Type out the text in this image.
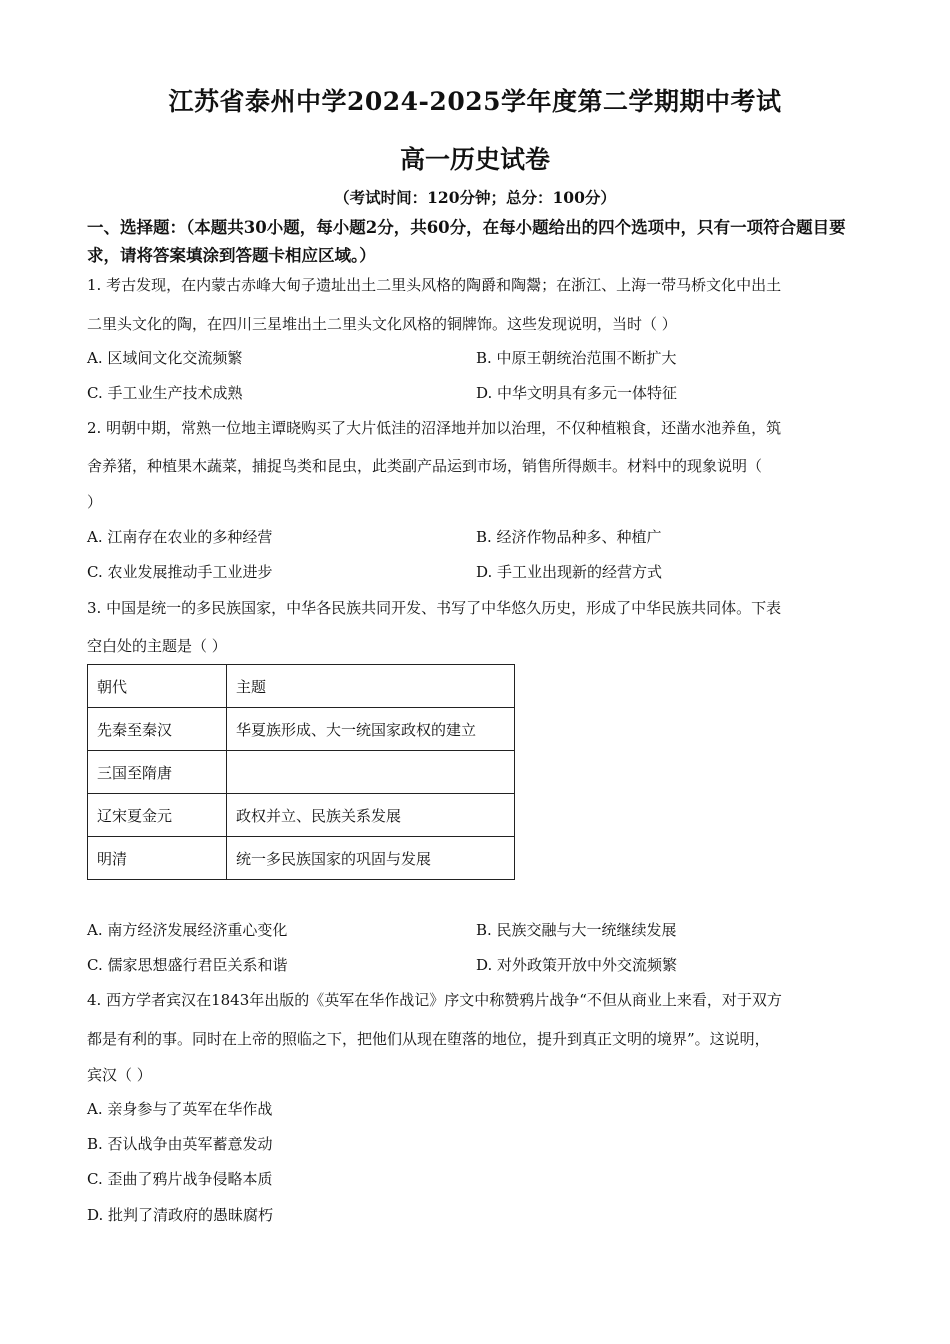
江苏省泰州中学2024-2025学年度第二学期期中考试
高一历史试卷
（考试时间：120分钟；总分：100分）
一、选择题：（本题共30小题，每小题2分，共60分，在每小题给出的四个选项中，只有一项符合题目要求，请将答案填涂到答题卡相应区域。）
1. 考古发现，在内蒙古赤峰大甸子遗址出土二里头风格的陶爵和陶鬶；在浙江、上海一带马桥文化中出土
二里头文化的陶，在四川三星堆出土二里头文化风格的铜牌饰。这些发现说明，当时（ ）
A. 区域间文化交流频繁	B. 中原王朝统治范围不断扩大
C. 手工业生产技术成熟	D. 中华文明具有多元一体特征
2. 明朝中期，常熟一位地主谭晓购买了大片低洼的沼泽地并加以治理，不仅种植粮食，还凿水池养鱼，筑
舍养猪，种植果木蔬菜，捕捉鸟类和昆虫，此类副产品运到市场，销售所得颇丰。材料中的现象说明（
）
A. 江南存在农业的多种经营	B. 经济作物品种多、种植广
C. 农业发展推动手工业进步	D. 手工业出现新的经营方式
3. 中国是统一的多民族国家，中华各民族共同开发、书写了中华悠久历史，形成了中华民族共同体。下表
空白处的主题是（ ）
朝代	主题
先秦至秦汉	华夏族形成、大一统国家政权的建立
三国至隋唐	
辽宋夏金元	政权并立、民族关系发展
明清	统一多民族国家的巩固与发展
A. 南方经济发展经济重心变化	B. 民族交融与大一统继续发展
C. 儒家思想盛行君臣关系和谐	D. 对外政策开放中外交流频繁
4. 西方学者宾汉在1843年出版的《英军在华作战记》序文中称赞鸦片战争“不但从商业上来看，对于双方
都是有利的事。同时在上帝的照临之下，把他们从现在堕落的地位，提升到真正文明的境界”。这说明，
宾汉（ ）
A. 亲身参与了英军在华作战
B. 否认战争由英军蓄意发动
C. 歪曲了鸦片战争侵略本质
D. 批判了清政府的愚昧腐朽
